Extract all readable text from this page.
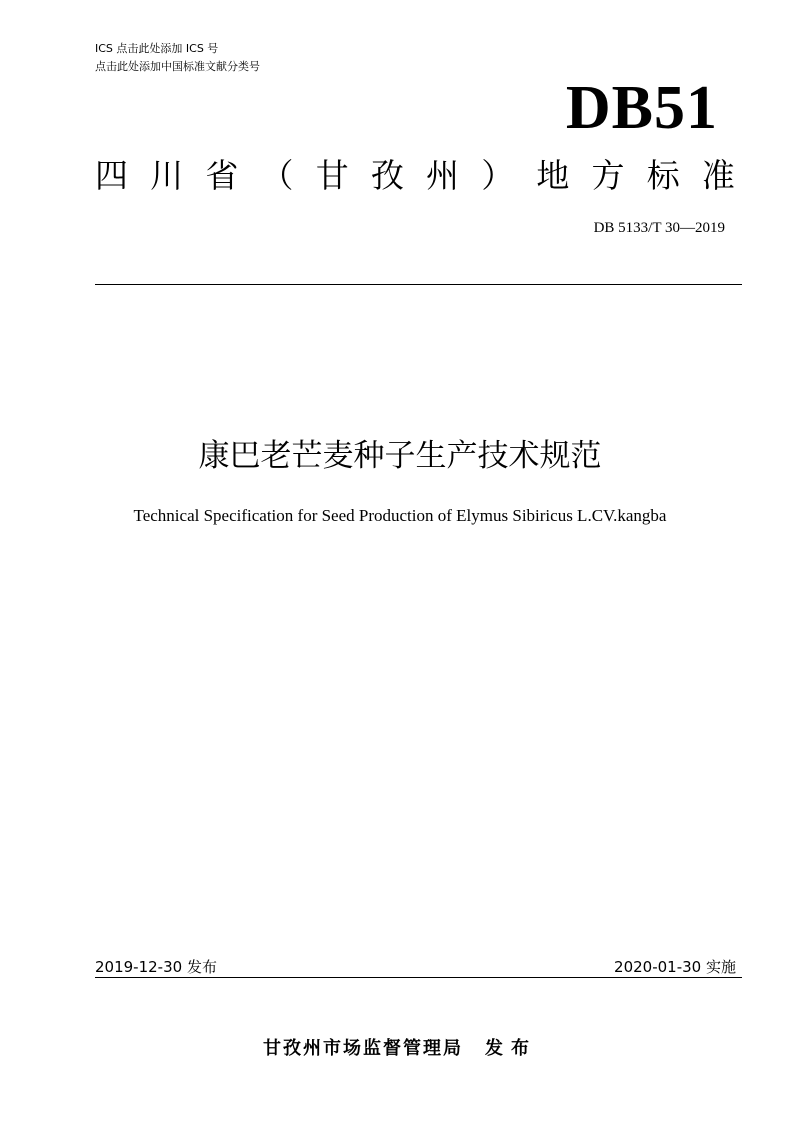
ICS 点击此处添加 ICS 号
点击此处添加中国标准文献分类号
DB51
四 川 省 （ 甘 孜 州 ） 地 方 标 准
DB 5133/T 30—2019
康巴老芒麦种子生产技术规范
Technical Specification for Seed Production of Elymus Sibiricus L.CV.kangba
2019-12-30 发布	2020-01-30 实施
甘孜州市场监督管理局 发布
